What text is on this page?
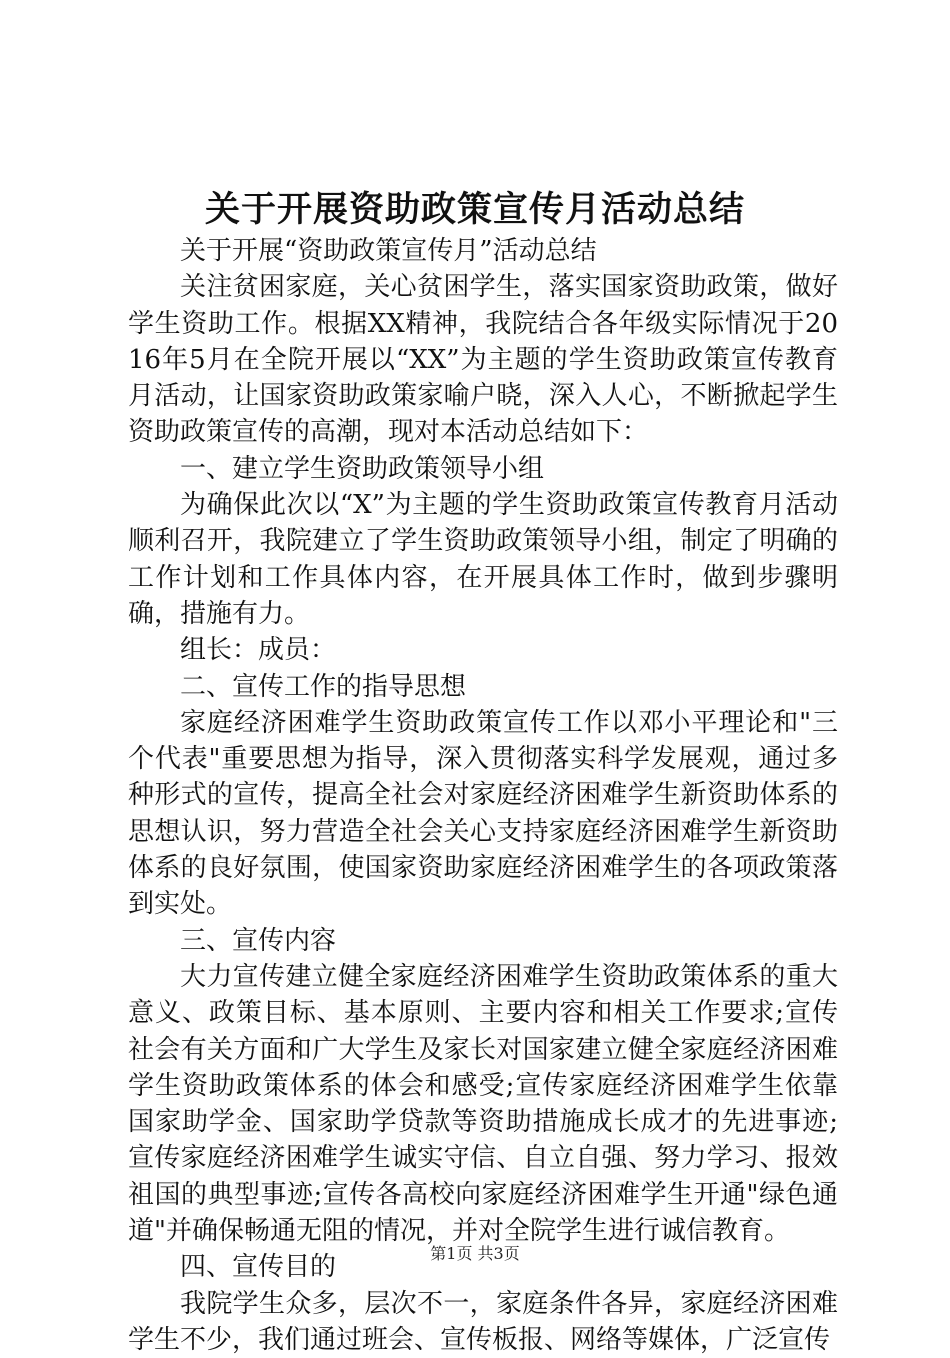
关于开展资助政策宣传月活动总结

关于开展“资助政策宣传月”活动总结

关注贫困家庭，关心贫困学生，落实国家资助政策，做好学生资助工作。根据XX精神，我院结合各年级实际情况于2016年5月在全院开展以“XX”为主题的学生资助政策宣传教育月活动，让国家资助政策家喻户晓，深入人心，不断掀起学生资助政策宣传的高潮，现对本活动总结如下：

一、建立学生资助政策领导小组

为确保此次以“X”为主题的学生资助政策宣传教育月活动顺利召开，我院建立了学生资助政策领导小组，制定了明确的工作计划和工作具体内容，在开展具体工作时，做到步骤明确，措施有力。

组长：成员：

二、宣传工作的指导思想

家庭经济困难学生资助政策宣传工作以邓小平理论和"三个代表"重要思想为指导，深入贯彻落实科学发展观，通过多种形式的宣传，提高全社会对家庭经济困难学生新资助体系的思想认识，努力营造全社会关心支持家庭经济困难学生新资助体系的良好氛围，使国家资助家庭经济困难学生的各项政策落到实处。

三、宣传内容

大力宣传建立健全家庭经济困难学生资助政策体系的重大意义、政策目标、基本原则、主要内容和相关工作要求;宣传社会有关方面和广大学生及家长对国家建立健全家庭经济困难学生资助政策体系的体会和感受;宣传家庭经济困难学生依靠国家助学金、国家助学贷款等资助措施成长成才的先进事迹;宣传家庭经济困难学生诚实守信、自立自强、努力学习、报效祖国的典型事迹;宣传各高校向家庭经济困难学生开通"绿色通道"并确保畅通无阻的情况，并对全院学生进行诚信教育。

四、宣传目的

我院学生众多，层次不一，家庭条件各异，家庭经济困难学生不少，我们通过班会、宣传板报、网络等媒体，广泛宣传

第1页 共3页
